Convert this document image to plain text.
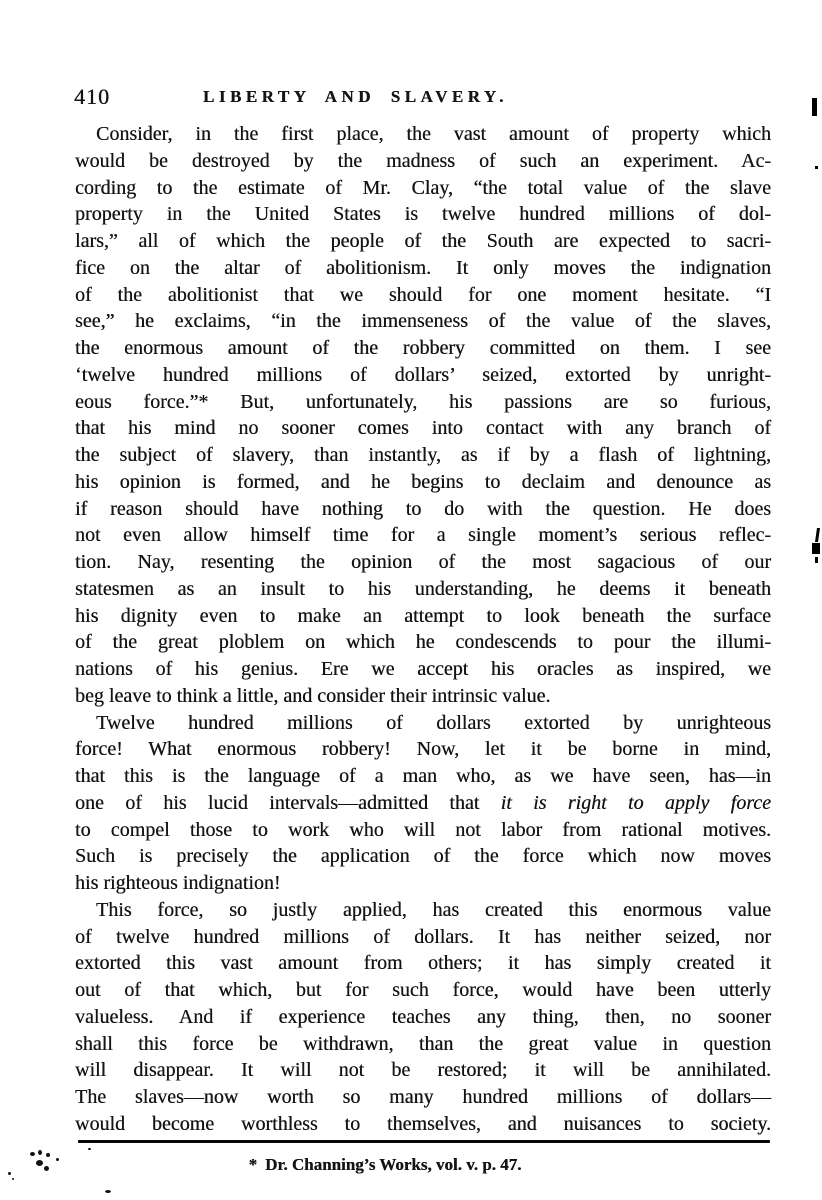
410	LIBERTY AND SLAVERY.
Consider, in the first place, the vast amount of property which
would be destroyed by the madness of such an experiment. Ac-
cording to the estimate of Mr. Clay, “the total value of the slave
property in the United States is twelve hundred millions of dol-
lars,” all of which the people of the South are expected to sacri-
fice on the altar of abolitionism. It only moves the indignation
of the abolitionist that we should for one moment hesitate. “I
see,” he exclaims, “in the immenseness of the value of the slaves,
the enormous amount of the robbery committed on them. I see
‘twelve hundred millions of dollars’ seized, extorted by unright-
eous force.”* But, unfortunately, his passions are so furious,
that his mind no sooner comes into contact with any branch of
the subject of slavery, than instantly, as if by a flash of lightning,
his opinion is formed, and he begins to declaim and denounce as
if reason should have nothing to do with the question. He does
not even allow himself time for a single moment’s serious reflec-
tion. Nay, resenting the opinion of the most sagacious of our
statesmen as an insult to his understanding, he deems it beneath
his dignity even to make an attempt to look beneath the surface
of the great ploblem on which he condescends to pour the illumi-
nations of his genius. Ere we accept his oracles as inspired, we
beg leave to think a little, and consider their intrinsic value.
Twelve hundred millions of dollars extorted by unrighteous
force! What enormous robbery! Now, let it be borne in mind,
that this is the language of a man who, as we have seen, has—in
one of his lucid intervals—admitted that it is right to apply force
to compel those to work who will not labor from rational motives.
Such is precisely the application of the force which now moves
his righteous indignation!
This force, so justly applied, has created this enormous value
of twelve hundred millions of dollars. It has neither seized, nor
extorted this vast amount from others; it has simply created it
out of that which, but for such force, would have been utterly
valueless. And if experience teaches any thing, then, no sooner
shall this force be withdrawn, than the great value in question
will disappear. It will not be restored; it will be annihilated.
The slaves—now worth so many hundred millions of dollars—
would become worthless to themselves, and nuisances to society.
* Dr. Channing’s Works, vol. v. p. 47.
